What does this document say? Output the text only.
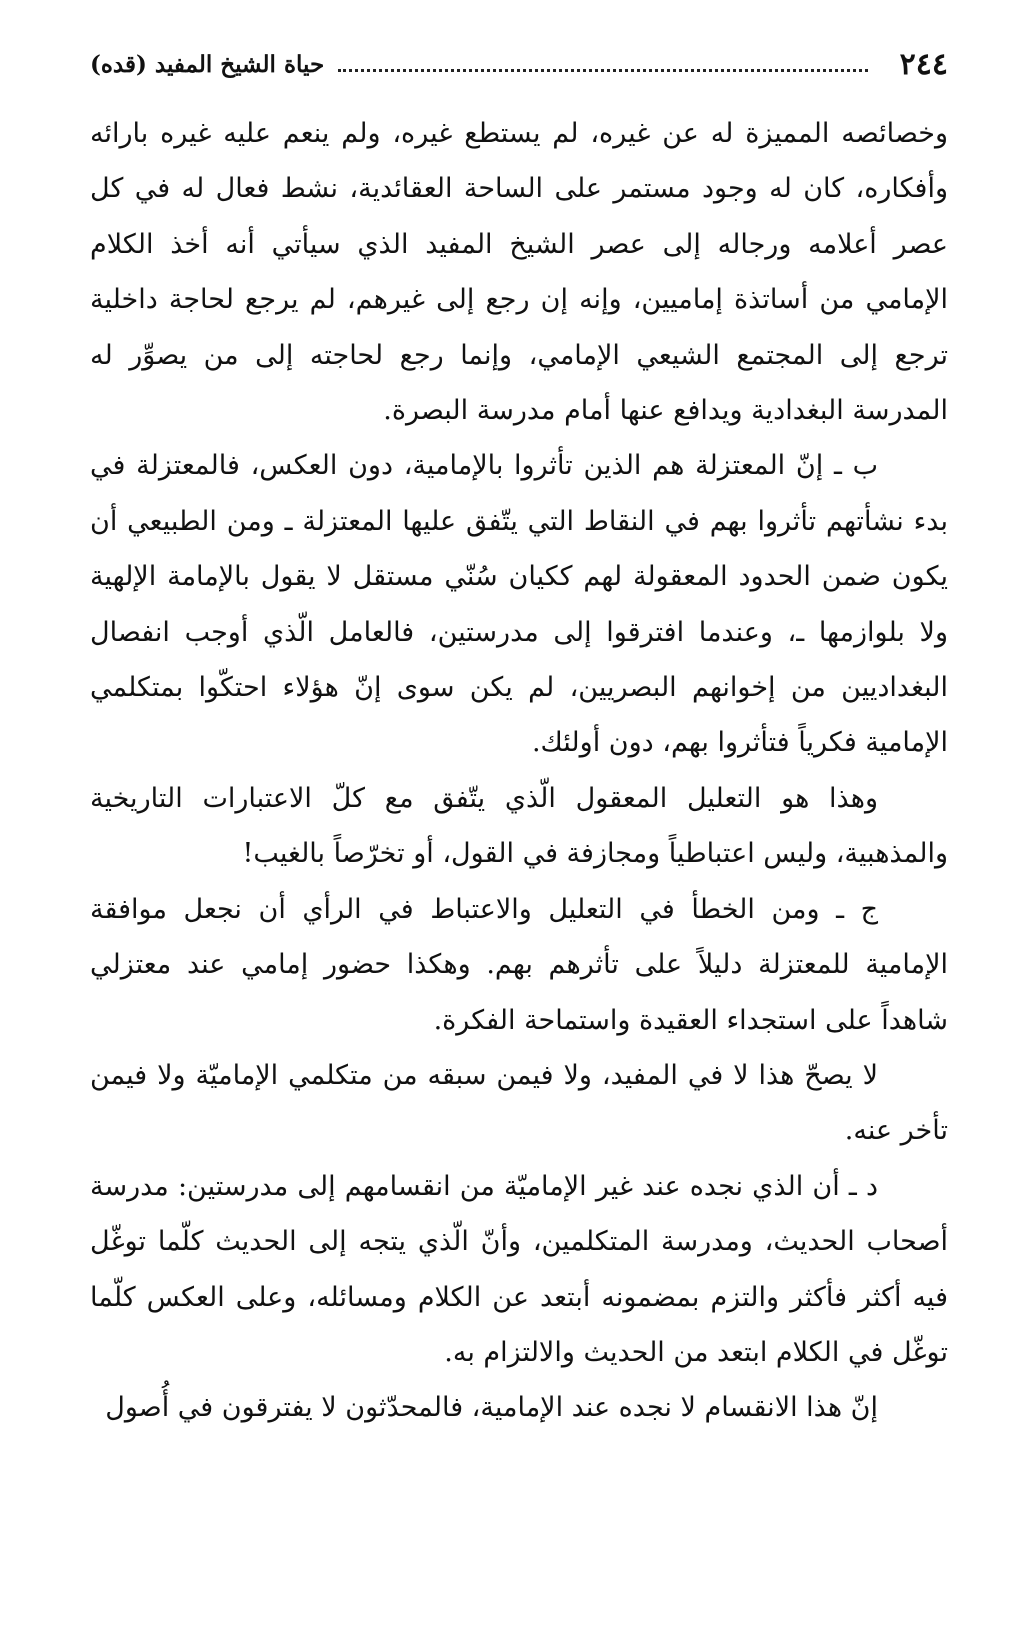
٢٤٤
حياة الشيخ المفيد (قده)

وخصائصه المميزة له عن غيره، لم يستطع غيره، ولم ينعم عليه غيره بارائه وأفكاره، كان له وجود مستمر على الساحة العقائدية، نشط فعال له في كل عصر أعلامه ورجاله إلى عصر الشيخ المفيد الذي سيأتي أنه أخذ الكلام الإمامي من أساتذة إماميين، وإنه إن رجع إلى غيرهم، لم يرجع لحاجة داخلية ترجع إلى المجتمع الشيعي الإمامي، وإنما رجع لحاجته إلى من يصوِّر له المدرسة البغدادية ويدافع عنها أمام مدرسة البصرة.

ب ـ إنّ المعتزلة هم الذين تأثروا بالإمامية، دون العكس، فالمعتزلة في بدء نشأتهم تأثروا بهم في النقاط التي يتّفق عليها المعتزلة ـ ومن الطبيعي أن يكون ضمن الحدود المعقولة لهم ككيان سُنّي مستقل لا يقول بالإمامة الإلهية ولا بلوازمها ـ، وعندما افترقوا إلى مدرستين، فالعامل الّذي أوجب انفصال البغداديين من إخوانهم البصريين، لم يكن سوى إنّ هؤلاء احتكّوا بمتكلمي الإمامية فكرياً فتأثروا بهم، دون أولئك.

وهذا هو التعليل المعقول الّذي يتّفق مع كلّ الاعتبارات التاريخية والمذهبية، وليس اعتباطياً ومجازفة في القول، أو تخرّصاً بالغيب!

ج ـ ومن الخطأ في التعليل والاعتباط في الرأي أن نجعل موافقة الإمامية للمعتزلة دليلاً على تأثرهم بهم. وهكذا حضور إمامي عند معتزلي شاهداً على استجداء العقيدة واستماحة الفكرة.

لا يصحّ هذا لا في المفيد، ولا فيمن سبقه من متكلمي الإماميّة ولا فيمن تأخر عنه.

د ـ أن الذي نجده عند غير الإماميّة من انقسامهم إلى مدرستين: مدرسة أصحاب الحديث، ومدرسة المتكلمين، وأنّ الّذي يتجه إلى الحديث كلّما توغّل فيه أكثر فأكثر والتزم بمضمونه أبتعد عن الكلام ومسائله، وعلى العكس كلّما توغّل في الكلام ابتعد من الحديث والالتزام به.

إنّ هذا الانقسام لا نجده عند الإمامية، فالمحدّثون لا يفترقون في أُصول
